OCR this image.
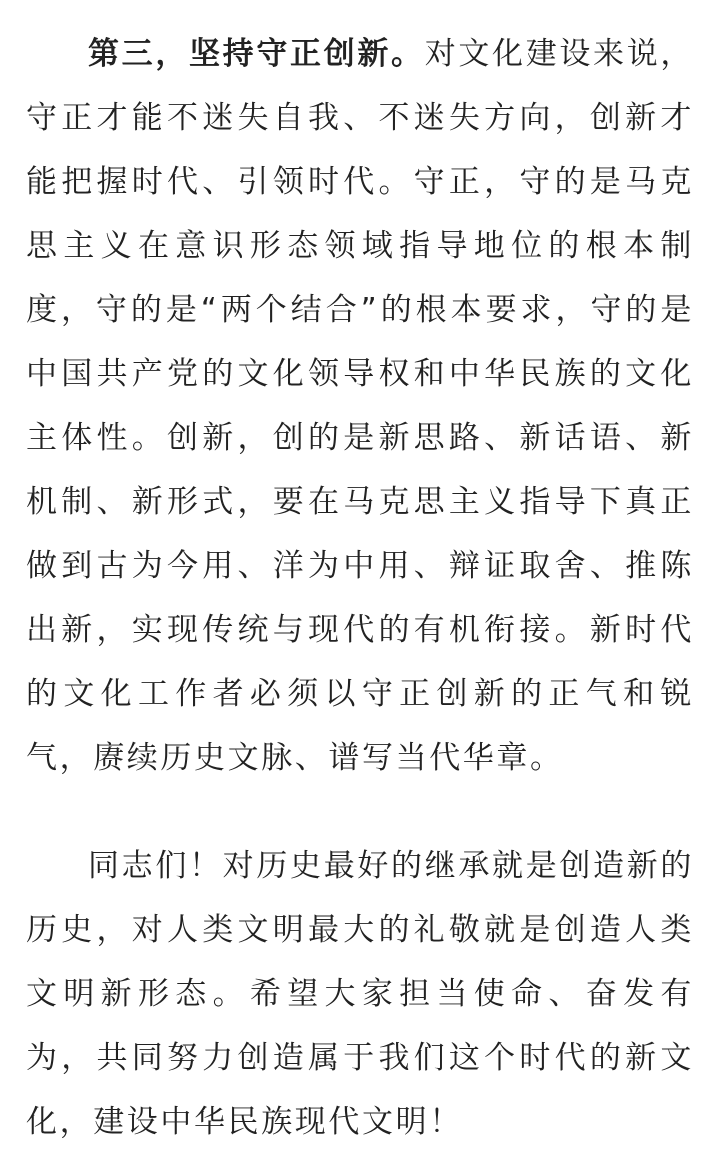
第三，坚持守正创新。对文化建设来说，守正才能不迷失自我、不迷失方向，创新才能把握时代、引领时代。守正，守的是马克思主义在意识形态领域指导地位的根本制度，守的是“两个结合”的根本要求，守的是中国共产党的文化领导权和中华民族的文化主体性。创新，创的是新思路、新话语、新机制、新形式，要在马克思主义指导下真正做到古为今用、洋为中用、辩证取舍、推陈出新，实现传统与现代的有机衔接。新时代的文化工作者必须以守正创新的正气和锐气，赓续历史文脉、谱写当代华章。

同志们！对历史最好的继承就是创造新的历史，对人类文明最大的礼敬就是创造人类文明新形态。希望大家担当使命、奋发有为，共同努力创造属于我们这个时代的新文化，建设中华民族现代文明！
